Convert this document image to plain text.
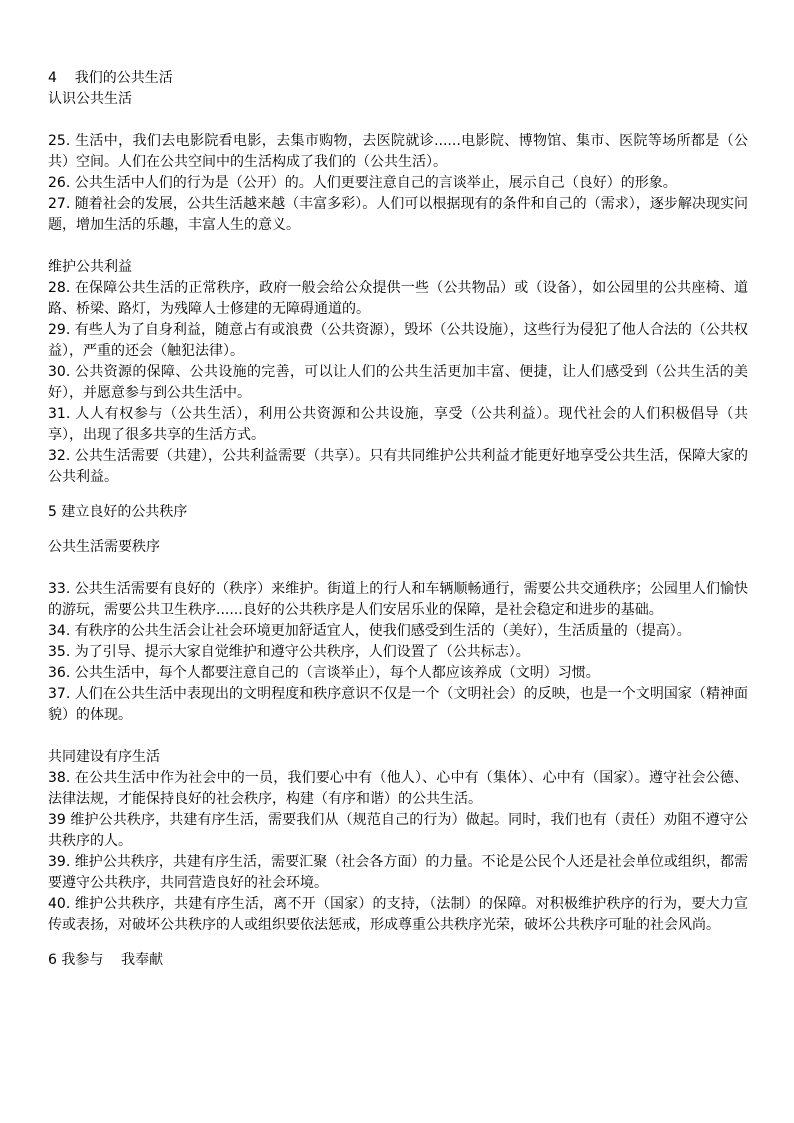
4    我们的公共生活
认识公共生活
25. 生活中，我们去电影院看电影，去集市购物，去医院就诊......电影院、博物馆、集市、医院等场所都是（公共）空间。人们在公共空间中的生活构成了我们的（公共生活）。
26. 公共生活中人们的行为是（公开）的。人们更要注意自己的言谈举止，展示自己（良好）的形象。
27. 随着社会的发展，公共生活越来越（丰富多彩）。人们可以根据现有的条件和自己的（需求），逐步解决现实问题，增加生活的乐趣，丰富人生的意义。
维护公共利益
28. 在保障公共生活的正常秩序，政府一般会给公众提供一些（公共物品）或（设备），如公园里的公共座椅、道路、桥梁、路灯，为残障人士修建的无障碍通道的。
29. 有些人为了自身利益，随意占有或浪费（公共资源），毁坏（公共设施），这些行为侵犯了他人合法的（公共权益），严重的还会（触犯法律）。
30. 公共资源的保障、公共设施的完善，可以让人们的公共生活更加丰富、便捷，让人们感受到（公共生活的美好），并愿意参与到公共生活中。
31. 人人有权参与（公共生活），利用公共资源和公共设施，享受（公共利益）。现代社会的人们积极倡导（共享），出现了很多共享的生活方式。
32. 公共生活需要（共建），公共利益需要（共享）。只有共同维护公共利益才能更好地享受公共生活，保障大家的公共利益。
5 建立良好的公共秩序
公共生活需要秩序
33. 公共生活需要有良好的（秩序）来维护。街道上的行人和车辆顺畅通行，需要公共交通秩序；公园里人们愉快的游玩，需要公共卫生秩序......良好的公共秩序是人们安居乐业的保障，是社会稳定和进步的基础。
34. 有秩序的公共生活会让社会环境更加舒适宜人，使我们感受到生活的（美好），生活质量的（提高）。
35. 为了引导、提示大家自觉维护和遵守公共秩序，人们设置了（公共标志）。
36. 公共生活中，每个人都要注意自己的（言谈举止），每个人都应该养成（文明）习惯。
37. 人们在公共生活中表现出的文明程度和秩序意识不仅是一个（文明社会）的反映，也是一个文明国家（精神面貌）的体现。
共同建设有序生活
38. 在公共生活中作为社会中的一员，我们要心中有（他人）、心中有（集体）、心中有（国家）。遵守社会公德、法律法规，才能保持良好的社会秩序，构建（有序和谐）的公共生活。
39 维护公共秩序，共建有序生活，需要我们从（规范自己的行为）做起。同时，我们也有（责任）劝阻不遵守公共秩序的人。
39. 维护公共秩序，共建有序生活，需要汇聚（社会各方面）的力量。不论是公民个人还是社会单位或组织，都需要遵守公共秩序，共同营造良好的社会环境。
40. 维护公共秩序，共建有序生活，离不开（国家）的支持，（法制）的保障。对积极维护秩序的行为，要大力宣传或表扬，对破坏公共秩序的人或组织要依法惩戒，形成尊重公共秩序光荣，破坏公共秩序可耻的社会风尚。
6 我参与    我奉献
